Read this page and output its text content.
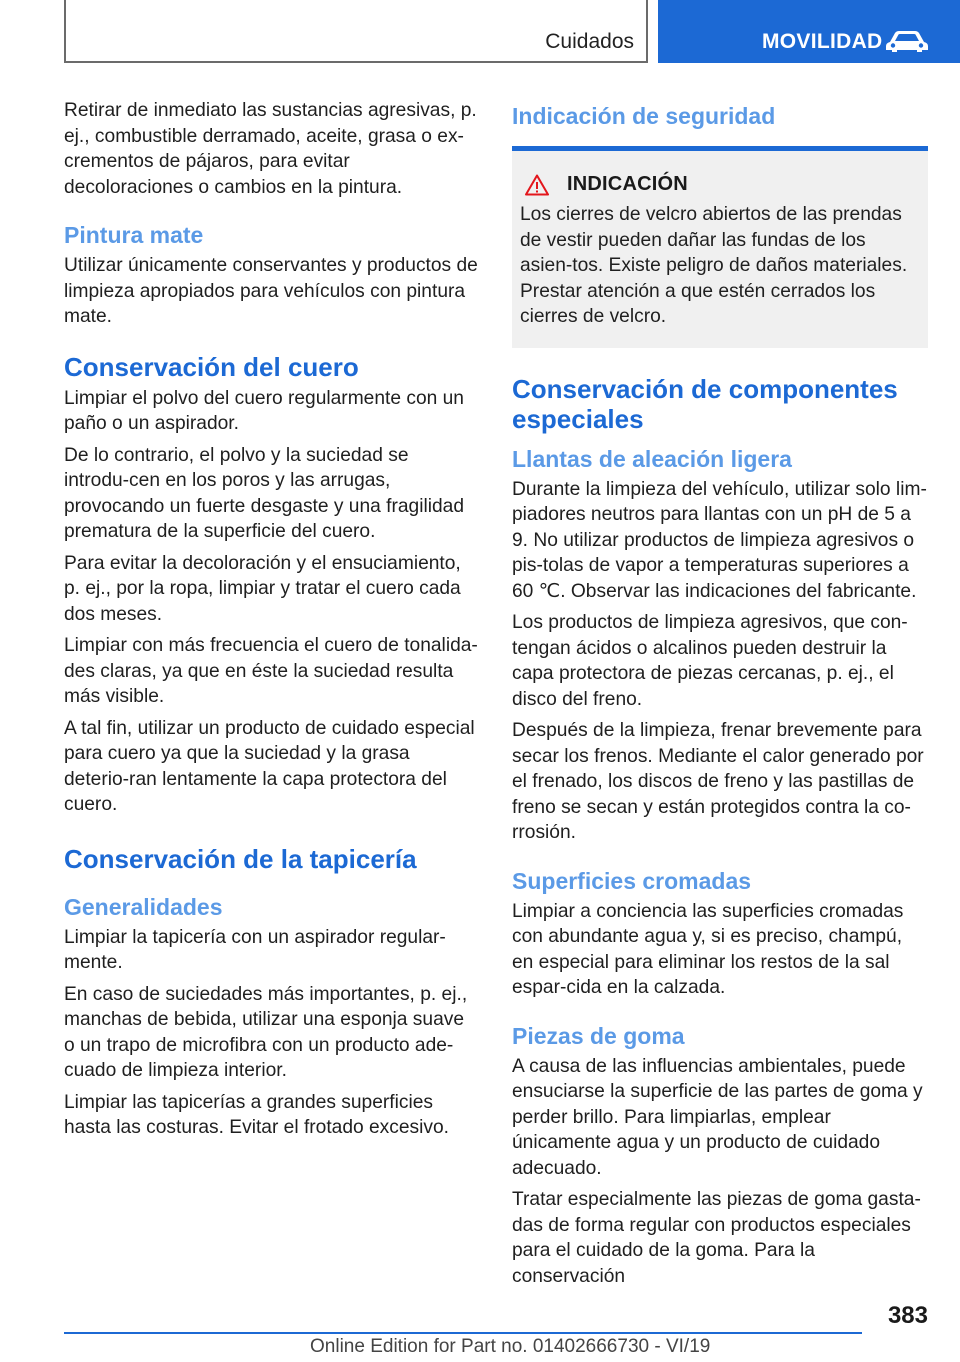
Cuidados	MOVILIDAD

Retirar de inmediato las sustancias agresivas, p. ej., combustible derramado, aceite, grasa o ex‐crementos de pájaros, para evitar decoloraciones o cambios en la pintura.

Pintura mate

Utilizar únicamente conservantes y productos de limpieza apropiados para vehículos con pintura mate.

Conservación del cuero

Limpiar el polvo del cuero regularmente con un paño o un aspirador.

De lo contrario, el polvo y la suciedad se introdu‐cen en los poros y las arrugas, provocando un fuerte desgaste y una fragilidad prematura de la superficie del cuero.

Para evitar la decoloración y el ensuciamiento, p. ej., por la ropa, limpiar y tratar el cuero cada dos meses.

Limpiar con más frecuencia el cuero de tonalida‐des claras, ya que en éste la suciedad resulta más visible.

A tal fin, utilizar un producto de cuidado especial para cuero ya que la suciedad y la grasa deterio‐ran lentamente la capa protectora del cuero.

Conservación de la tapicería
Generalidades

Limpiar la tapicería con un aspirador regular‐mente.

En caso de suciedades más importantes, p. ej., manchas de bebida, utilizar una esponja suave o un trapo de microfibra con un producto ade‐cuado de limpieza interior.

Limpiar las tapicerías a grandes superficies hasta las costuras. Evitar el frotado excesivo.

Indicación de seguridad
INDICACIÓN

Los cierres de velcro abiertos de las prendas de vestir pueden dañar las fundas de los asien‐tos. Existe peligro de daños materiales. Prestar atención a que estén cerrados los cierres de velcro.

Conservación de componentes especiales
Llantas de aleación ligera

Durante la limpieza del vehículo, utilizar solo lim‐piadores neutros para llantas con un pH de 5 a 9. No utilizar productos de limpieza agresivos o pis‐tolas de vapor a temperaturas superiores a 60 ℃. Observar las indicaciones del fabricante.

Los productos de limpieza agresivos, que con‐tengan ácidos o alcalinos pueden destruir la capa protectora de piezas cercanas, p. ej., el disco del freno.

Después de la limpieza, frenar brevemente para secar los frenos. Mediante el calor generado por el frenado, los discos de freno y las pastillas de freno se secan y están protegidos contra la co‐rrosión.

Superficies cromadas

Limpiar a conciencia las superficies cromadas con abundante agua y, si es preciso, champú, en especial para eliminar los restos de la sal espar‐cida en la calzada.

Piezas de goma

A causa de las influencias ambientales, puede ensuciarse la superficie de las partes de goma y perder brillo. Para limpiarlas, emplear únicamente agua y un producto de cuidado adecuado.

Tratar especialmente las piezas de goma gasta‐das de forma regular con productos especiales para el cuidado de la goma. Para la conservación

383
Online Edition for Part no. 01402666730 - VI/19
